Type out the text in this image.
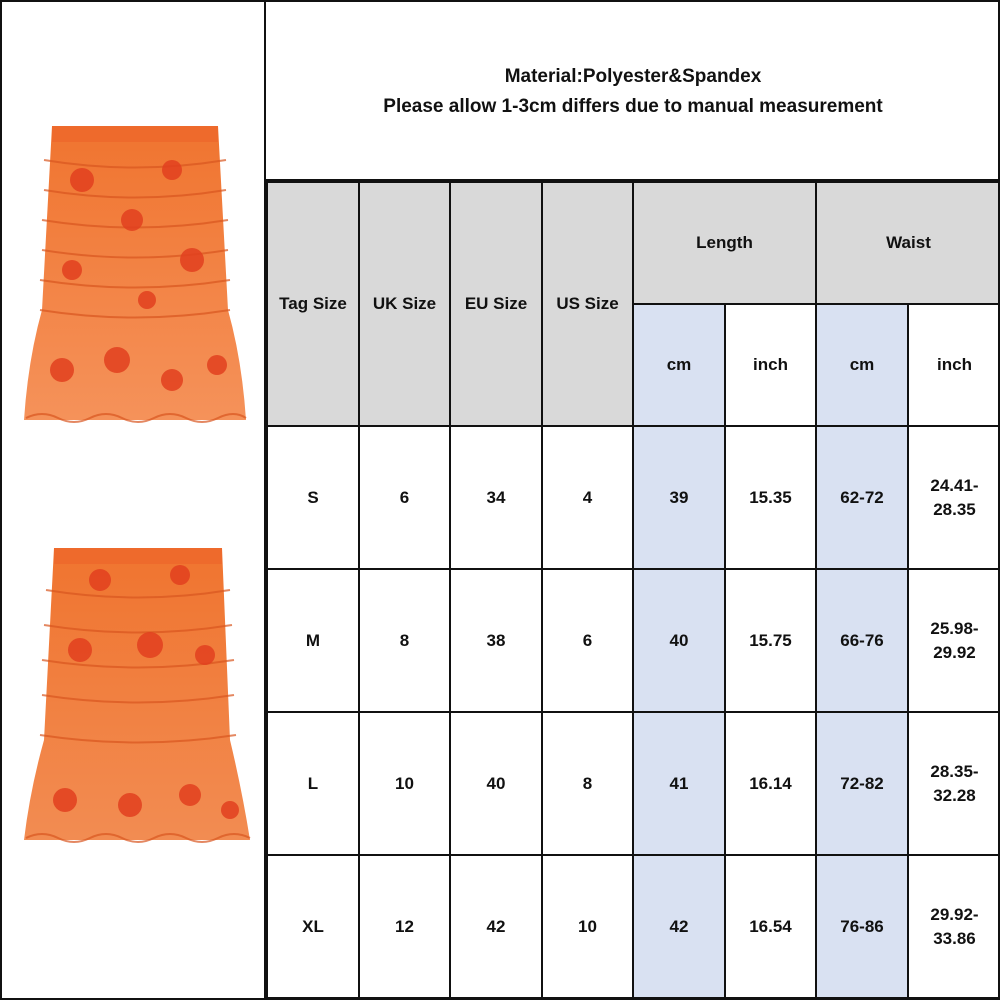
Material:Polyester&Spandex
Please allow 1-3cm differs due to manual measurement
Tag Size	UK Size	EU Size	US Size	Length		Waist	
				cm	inch	cm	inch
S	6	34	4	39	15.35	62-72	24.41-
28.35

M	8	38	6	40	15.75	66-76	25.98-
29.92

L	10	40	8	41	16.14	72-82	28.35-
32.28

XL	12	42	10	42	16.54	76-86	29.92-
33.86
